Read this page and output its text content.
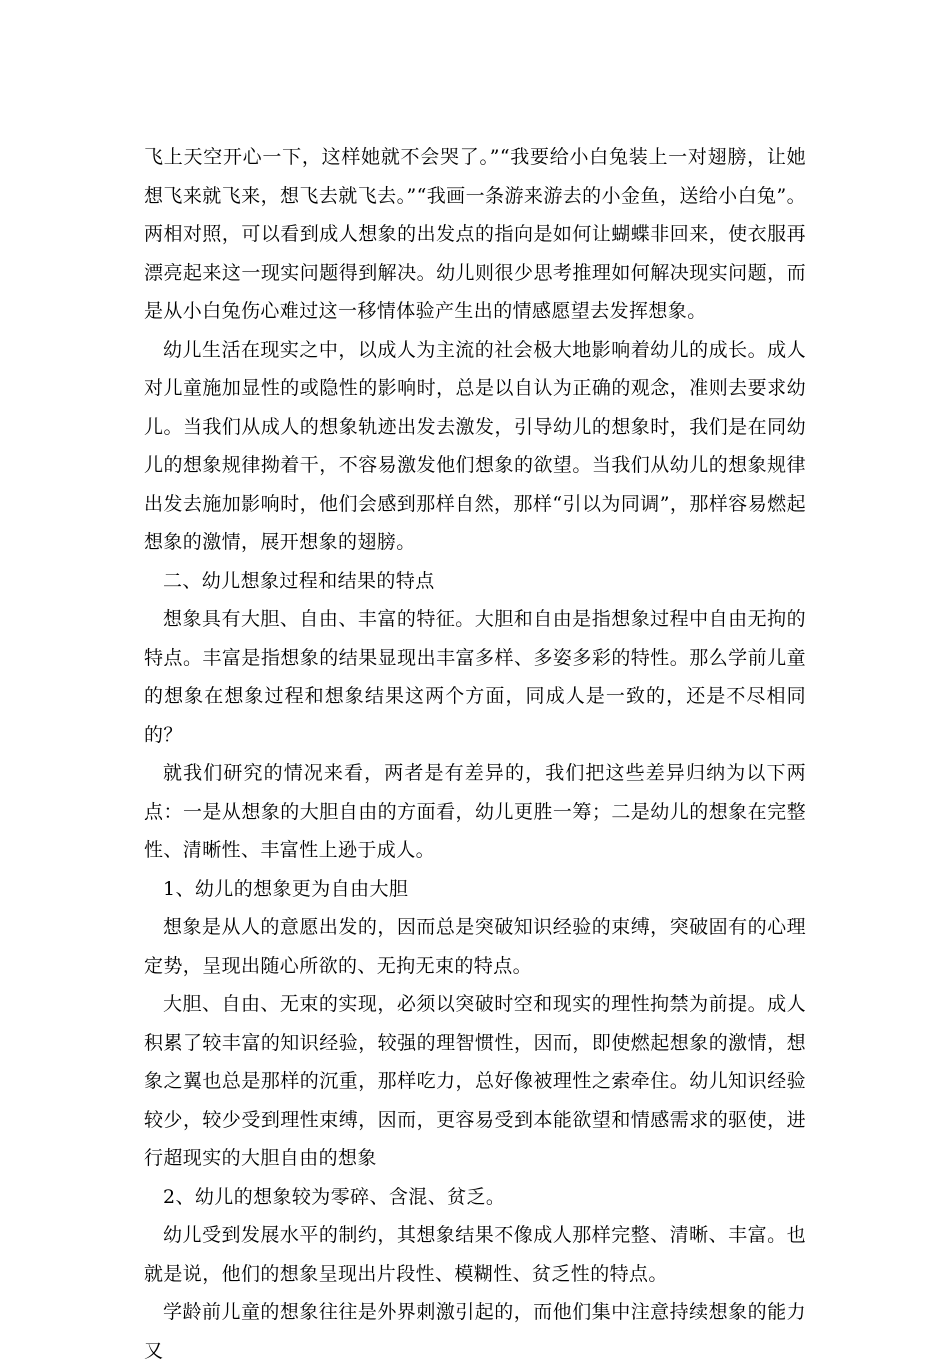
飞上天空开心一下，这样她就不会哭了。”“我要给小白兔装上一对翅膀，让她想飞来就飞来，想飞去就飞去。”“我画一条游来游去的小金鱼，送给小白兔”。两相对照，可以看到成人想象的出发点的指向是如何让蝴蝶非回来，使衣服再漂亮起来这一现实问题得到解决。幼儿则很少思考推理如何解决现实问题，而是从小白兔伤心难过这一移情体验产生出的情感愿望去发挥想象。

幼儿生活在现实之中，以成人为主流的社会极大地影响着幼儿的成长。成人对儿童施加显性的或隐性的影响时，总是以自认为正确的观念，准则去要求幼儿。当我们从成人的想象轨迹出发去激发，引导幼儿的想象时，我们是在同幼儿的想象规律拗着干，不容易激发他们想象的欲望。当我们从幼儿的想象规律出发去施加影响时，他们会感到那样自然，那样“引以为同调”，那样容易燃起想象的激情，展开想象的翅膀。

二、幼儿想象过程和结果的特点

想象具有大胆、自由、丰富的特征。大胆和自由是指想象过程中自由无拘的特点。丰富是指想象的结果显现出丰富多样、多姿多彩的特性。那么学前儿童的想象在想象过程和想象结果这两个方面，同成人是一致的，还是不尽相同的？

就我们研究的情况来看，两者是有差异的，我们把这些差异归纳为以下两点：一是从想象的大胆自由的方面看，幼儿更胜一筹；二是幼儿的想象在完整性、清晰性、丰富性上逊于成人。

1、幼儿的想象更为自由大胆

想象是从人的意愿出发的，因而总是突破知识经验的束缚，突破固有的心理定势，呈现出随心所欲的、无拘无束的特点。

大胆、自由、无束的实现，必须以突破时空和现实的理性拘禁为前提。成人积累了较丰富的知识经验，较强的理智惯性，因而，即使燃起想象的激情，想象之翼也总是那样的沉重，那样吃力，总好像被理性之索牵住。幼儿知识经验较少，较少受到理性束缚，因而，更容易受到本能欲望和情感需求的驱使，进行超现实的大胆自由的想象

2、幼儿的想象较为零碎、含混、贫乏。

幼儿受到发展水平的制约，其想象结果不像成人那样完整、清晰、丰富。也就是说，他们的想象呈现出片段性、模糊性、贫乏性的特点。

学龄前儿童的想象往往是外界刺激引起的，而他们集中注意持续想象的能力又
